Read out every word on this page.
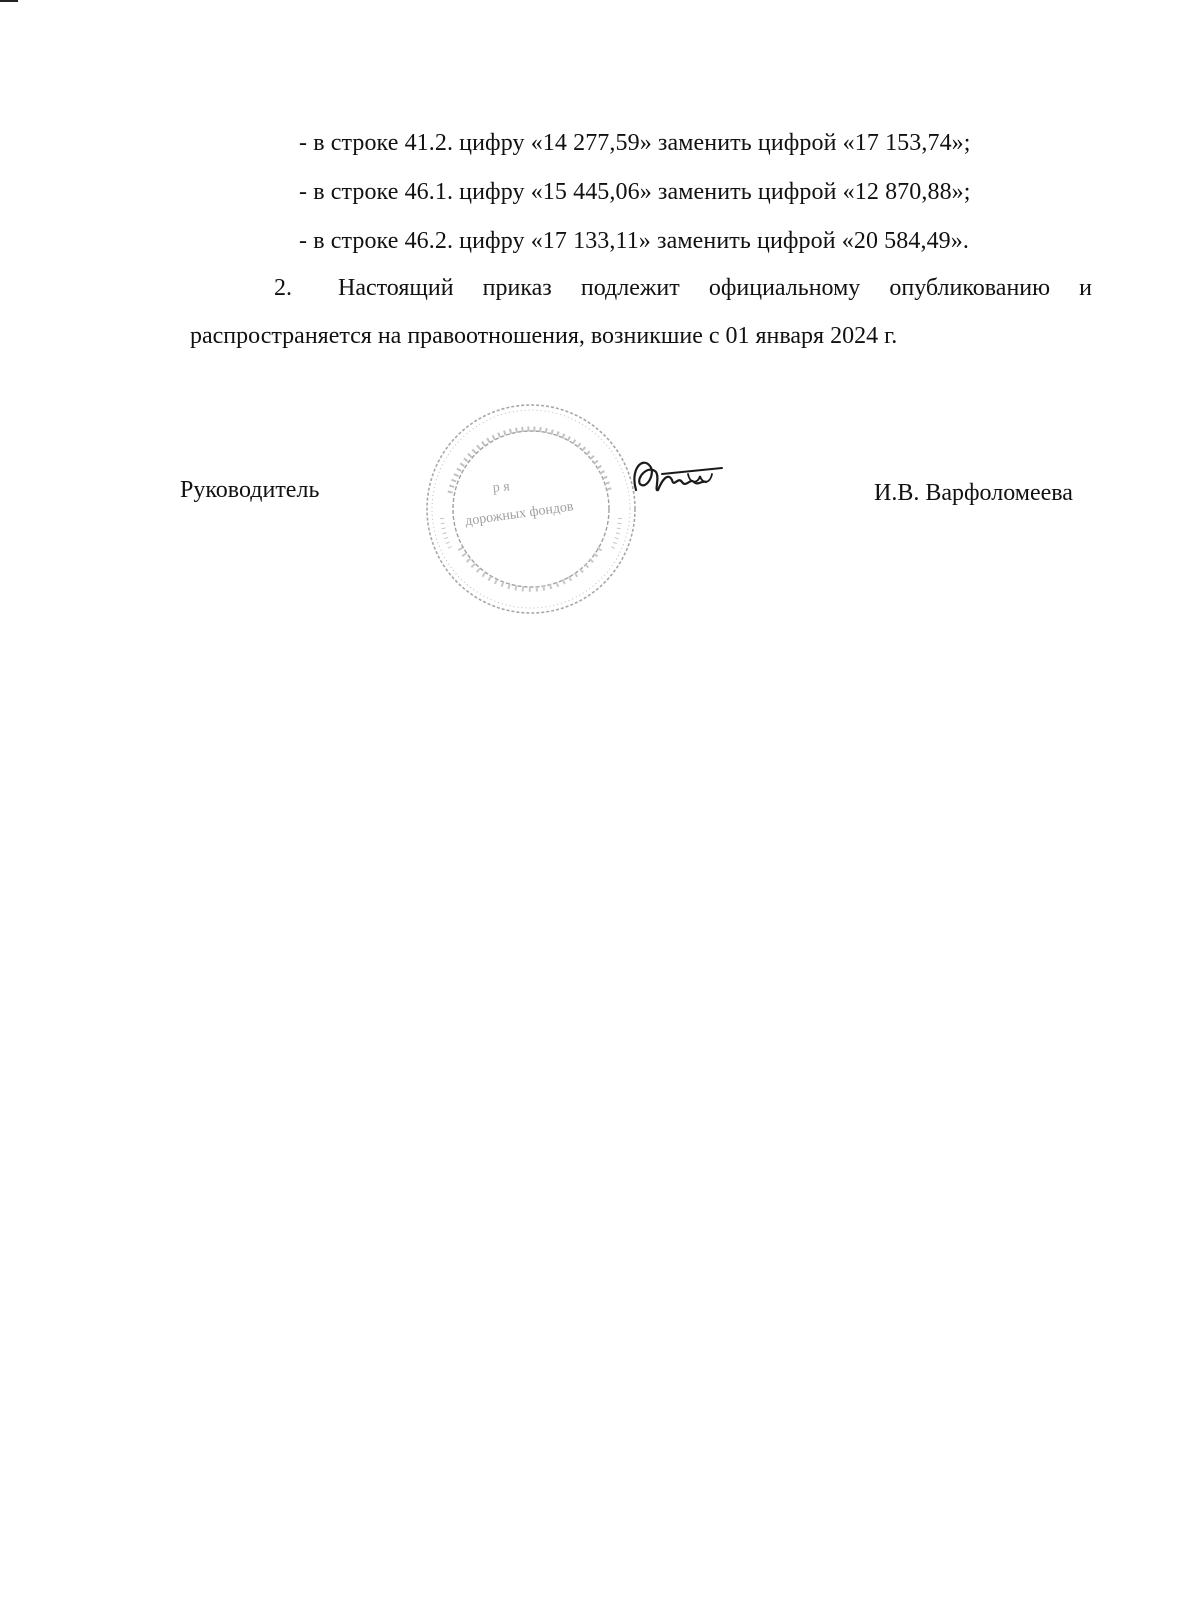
- в строке 41.2. цифру «14 277,59» заменить цифрой «17 153,74»;
- в строке 46.1. цифру «15 445,06» заменить цифрой «12 870,88»;
- в строке 46.2. цифру «17 133,11» заменить цифрой «20 584,49».
2. Настоящий приказ подлежит официальному опубликованию и
распространяется на правоотношения, возникшие с 01 января 2024 г.
Руководитель	р я
дорожных фондов
И.В. Варфоломеева
